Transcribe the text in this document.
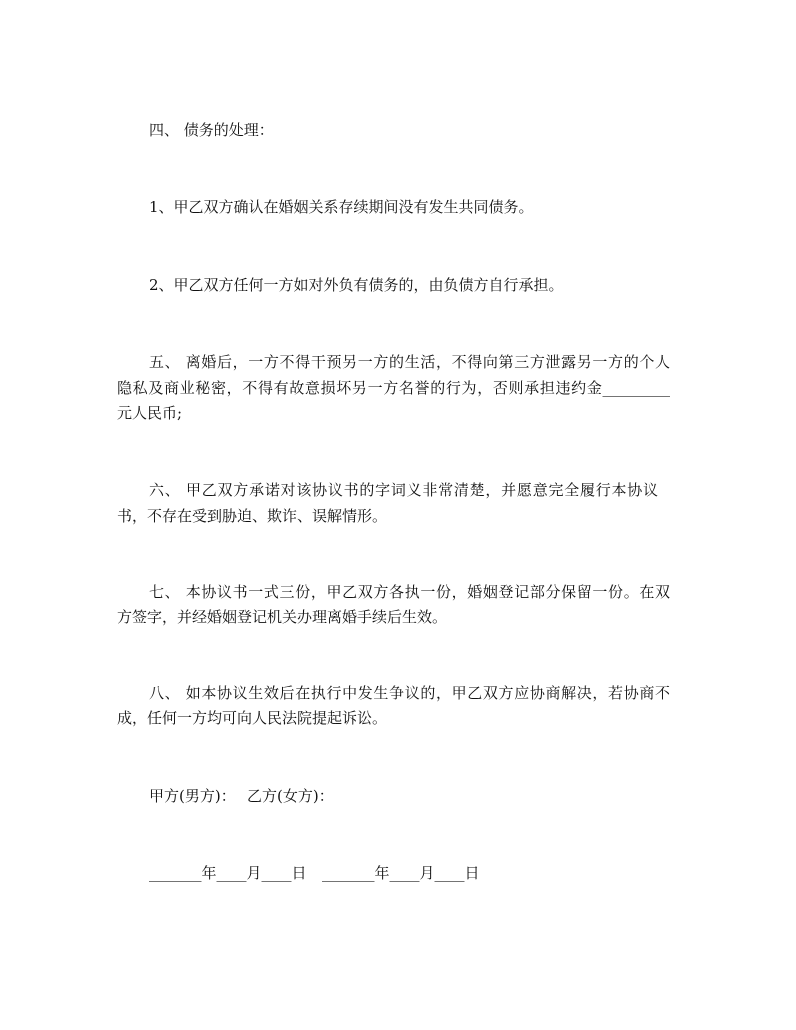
四、 债务的处理：
1、甲乙双方确认在婚姻关系存续期间没有发生共同债务。
2、甲乙双方任何一方如对外负有债务的，由负债方自行承担。
五、 离婚后，一方不得干预另一方的生活，不得向第三方泄露另一方的个人
隐私及商业秘密，不得有故意损坏另一方名誉的行为，否则承担违约金_________
元人民币;
六、 甲乙双方承诺对该协议书的字词义非常清楚，并愿意完全履行本协议
书，不存在受到胁迫、欺诈、误解情形。
七、 本协议书一式三份，甲乙双方各执一份，婚姻登记部分保留一份。在双
方签字，并经婚姻登记机关办理离婚手续后生效。
八、 如本协议生效后在执行中发生争议的，甲乙双方应协商解决，若协商不
成，任何一方均可向人民法院提起诉讼。
甲方(男方)： 乙方(女方)：
_______年____月____日 _______年____月____日
